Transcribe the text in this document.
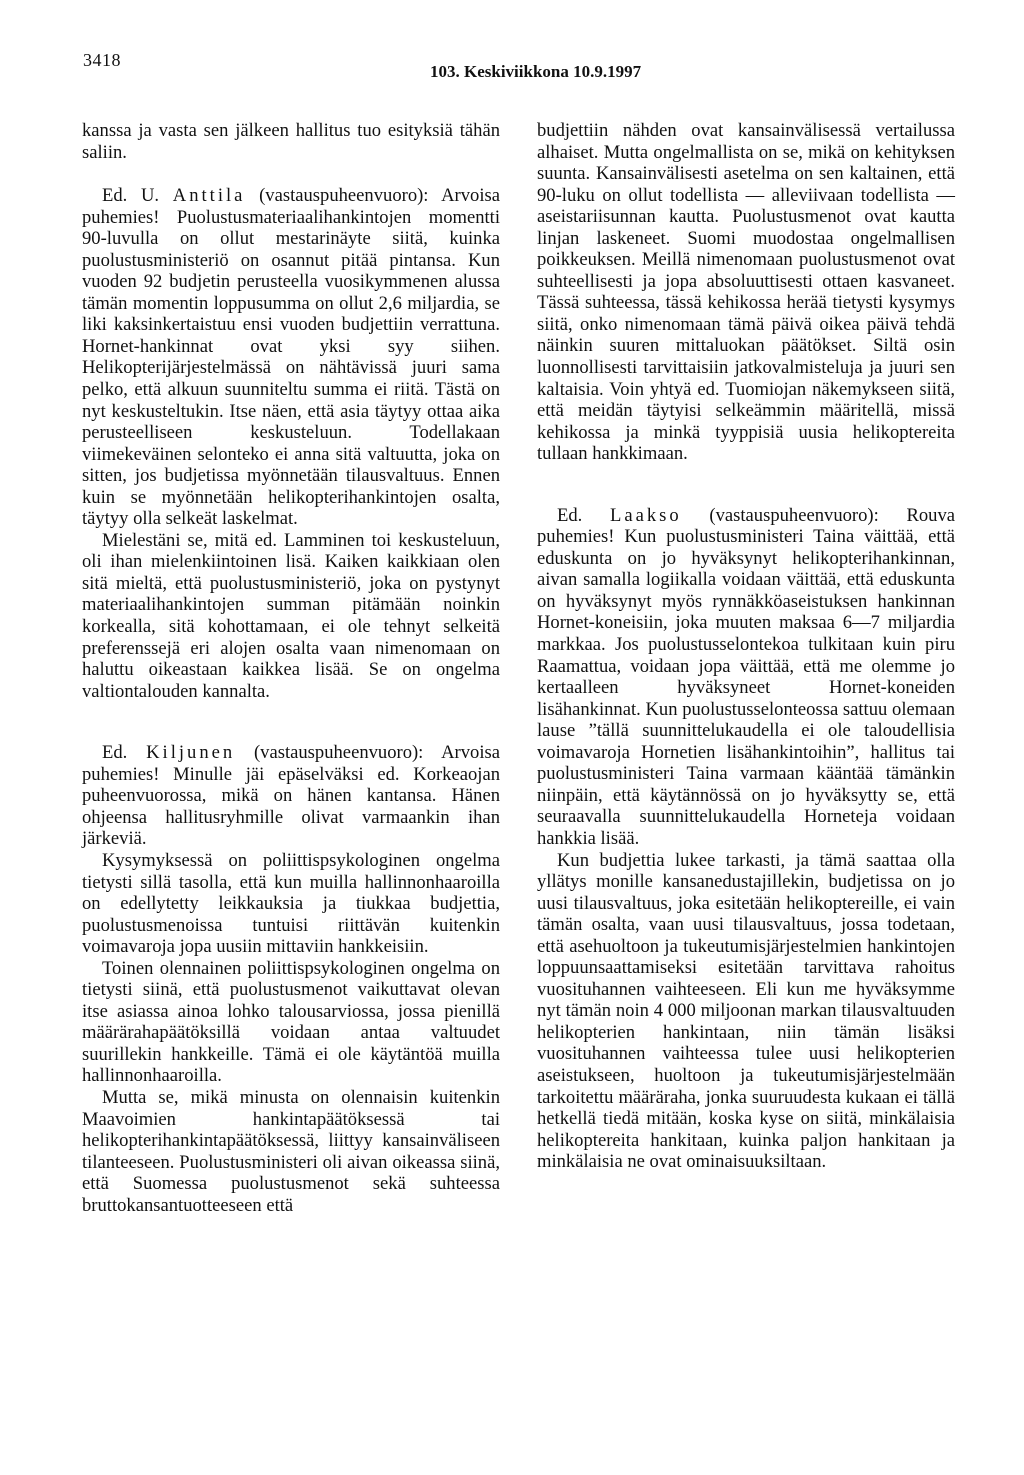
3418
103. Keskiviikkona 10.9.1997

kanssa ja vasta sen jälkeen hallitus tuo esityksiä tähän saliin.

Ed. U. Anttila (vastauspuheenvuoro): Arvoisa puhemies! Puolustusmateriaalihankintojen momentti 90-luvulla on ollut mestarinäyte siitä, kuinka puolustusministeriö on osannut pitää pintansa. Kun vuoden 92 budjetin perusteella vuosikymmenen alussa tämän momentin loppusumma on ollut 2,6 miljardia, se liki kaksinkertaistuu ensi vuoden budjettiin verrattuna. Hornet-hankinnat ovat yksi syy siihen. Helikopterijärjestelmässä on nähtävissä juuri sama pelko, että alkuun suunniteltu summa ei riitä. Tästä on nyt keskusteltukin. Itse näen, että asia täytyy ottaa aika perusteelliseen keskusteluun. Todellakaan viimekeväinen selonteko ei anna sitä valtuutta, joka on sitten, jos budjetissa myönnetään tilausvaltuus. Ennen kuin se myönnetään helikopterihankintojen osalta, täytyy olla selkeät laskelmat.

Mielestäni se, mitä ed. Lamminen toi keskusteluun, oli ihan mielenkiintoinen lisä. Kaiken kaikkiaan olen sitä mieltä, että puolustusministeriö, joka on pystynyt materiaalihankintojen summan pitämään noinkin korkealla, sitä kohottamaan, ei ole tehnyt selkeitä preferenssejä eri alojen osalta vaan nimenomaan on haluttu oikeastaan kaikkea lisää. Se on ongelma valtiontalouden kannalta.

Ed. Kiljunen (vastauspuheenvuoro): Arvoisa puhemies! Minulle jäi epäselväksi ed. Korkeaojan puheenvuorossa, mikä on hänen kantansa. Hänen ohjeensa hallitusryhmille olivat varmaankin ihan järkeviä.

Kysymyksessä on poliittispsykologinen ongelma tietysti sillä tasolla, että kun muilla hallinnonhaaroilla on edellytetty leikkauksia ja tiukkaa budjettia, puolustusmenoissa tuntuisi riittävän kuitenkin voimavaroja jopa uusiin mittaviin hankkeisiin.

Toinen olennainen poliittispsykologinen ongelma on tietysti siinä, että puolustusmenot vaikuttavat olevan itse asiassa ainoa lohko talousarviossa, jossa pienillä määrärahapäätöksillä voidaan antaa valtuudet suurillekin hankkeille. Tämä ei ole käytäntöä muilla hallinnonhaaroilla.

Mutta se, mikä minusta on olennaisin kuitenkin Maavoimien hankintapäätöksessä tai helikopterihankintapäätöksessä, liittyy kansainväliseen tilanteeseen. Puolustusministeri oli aivan oikeassa siinä, että Suomessa puolustusmenot sekä suhteessa bruttokansantuotteeseen että

budjettiin nähden ovat kansainvälisessä vertailussa alhaiset. Mutta ongelmallista on se, mikä on kehityksen suunta. Kansainvälisesti asetelma on sen kaltainen, että 90-luku on ollut todellista — alleviivaan todellista — aseistariisunnan kautta. Puolustusmenot ovat kautta linjan laskeneet. Suomi muodostaa ongelmallisen poikkeuksen. Meillä nimenomaan puolustusmenot ovat suhteellisesti ja jopa absoluuttisesti ottaen kasvaneet. Tässä suhteessa, tässä kehikossa herää tietysti kysymys siitä, onko nimenomaan tämä päivä oikea päivä tehdä näinkin suuren mittaluokan päätökset. Siltä osin luonnollisesti tarvittaisiin jatkovalmisteluja ja juuri sen kaltaisia. Voin yhtyä ed. Tuomiojan näkemykseen siitä, että meidän täytyisi selkeämmin määritellä, missä kehikossa ja minkä tyyppisiä uusia helikoptereita tullaan hankkimaan.

Ed. Laakso (vastauspuheenvuoro): Rouva puhemies! Kun puolustusministeri Taina väittää, että eduskunta on jo hyväksynyt helikopterihankinnan, aivan samalla logiikalla voidaan väittää, että eduskunta on hyväksynyt myös rynnäkköaseistuksen hankinnan Hornet-koneisiin, joka muuten maksaa 6—7 miljardia markkaa. Jos puolustusselontekoa tulkitaan kuin piru Raamattua, voidaan jopa väittää, että me olemme jo kertaalleen hyväksyneet Hornet-koneiden lisähankinnat. Kun puolustusselonteossa sattuu olemaan lause ”tällä suunnittelukaudella ei ole taloudellisia voimavaroja Hornetien lisähankintoihin”, hallitus tai puolustusministeri Taina varmaan kääntää tämänkin niinpäin, että käytännössä on jo hyväksytty se, että seuraavalla suunnittelukaudella Horneteja voidaan hankkia lisää.

Kun budjettia lukee tarkasti, ja tämä saattaa olla yllätys monille kansanedustajillekin, budjetissa on jo uusi tilausvaltuus, joka esitetään helikoptereille, ei vain tämän osalta, vaan uusi tilausvaltuus, jossa todetaan, että asehuoltoon ja tukeutumisjärjestelmien hankintojen loppuunsaattamiseksi esitetään tarvittava rahoitus vuosituhannen vaihteeseen. Eli kun me hyväksymme nyt tämän noin 4 000 miljoonan markan tilausvaltuuden helikopterien hankintaan, niin tämän lisäksi vuosituhannen vaihteessa tulee uusi helikopterien aseistukseen, huoltoon ja tukeutumisjärjestelmään tarkoitettu määräraha, jonka suuruudesta kukaan ei tällä hetkellä tiedä mitään, koska kyse on siitä, minkälaisia helikoptereita hankitaan, kuinka paljon hankitaan ja minkälaisia ne ovat ominaisuuksiltaan.
